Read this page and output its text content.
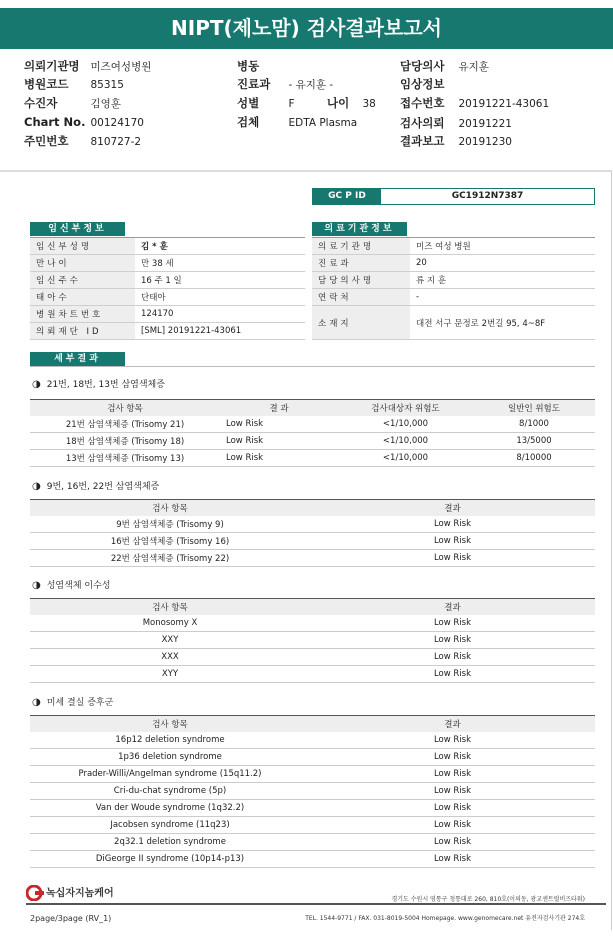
NIPT(제노맘) 검사결과보고서
의뢰기관명 미즈여성병원
병원코드 85315
수진자	김영훈
Chart No. 00124170
주민번호 810727-2
병동
진료과 - 유지훈 -
성별	F	나이 38
검체	EDTA Plasma
담당의사 유지훈
임상정보
접수번호 20191221-43061
검사의뢰 20191221
결과보고 20191230
GC P ID	GC1912N7387
임신부정보
임신부성명	김 * 훈
만나이	만 38 세
임신주수	16 주 1 일
태아수	단태아
병원차트번호	124170
의뢰재단 ID	[SML] 20191221-43061
의료기관정보
의료기관명	미즈 여성 병원
진료과	20
담당의사명	류 지 훈
연락처	-
소재지	대전 서구 문정로 2번길 95, 4~8F
세부결과
◑ 21번, 18번, 13번 삼염색체증
검사 항목	결 과	검사대상자 위험도	일반인 위험도
21번 삼염색체증 (Trisomy 21)	Low Risk	<1/10,000	8/1000
18번 삼염색체증 (Trisomy 18)	Low Risk	<1/10,000	13/5000
13번 삼염색체증 (Trisomy 13)	Low Risk	<1/10,000	8/10000
◑ 9번, 16번, 22번 삼염색체증
검사 항목	결과
9번 삼염색체증 (Trisomy 9)	Low Risk
16번 삼염색체증 (Trisomy 16)	Low Risk
22번 삼염색체증 (Trisomy 22)	Low Risk
◑ 성염색체 이수성
검사 항목	결과
Monosomy X	Low Risk
XXY	Low Risk
XXX	Low Risk
XYY	Low Risk
◑ 미세 결실 증후군
검사 항목	결과
16p12 deletion syndrome	Low Risk
1p36 deletion syndrome	Low Risk
Prader-Willi/Angelman syndrome (15q11.2)	Low Risk
Cri-du-chat syndrome (5p)	Low Risk
Van der Woude syndrome (1q32.2)	Low Risk
Jacobsen syndrome (11q23)	Low Risk
2q32.1 deletion syndrome	Low Risk
DiGeorge II syndrome (10p14-p13)	Low Risk
녹십자지놈케어
경기도 수원시 영통구 청통대로 260, 810호(이의동, 광교센트럴비즈타워)
TEL. 1544-9771 / FAX. 031-8019-5004 Homepage. www.genomecare.net 유전자검사기관 274호
2page/3page (RV_1)
